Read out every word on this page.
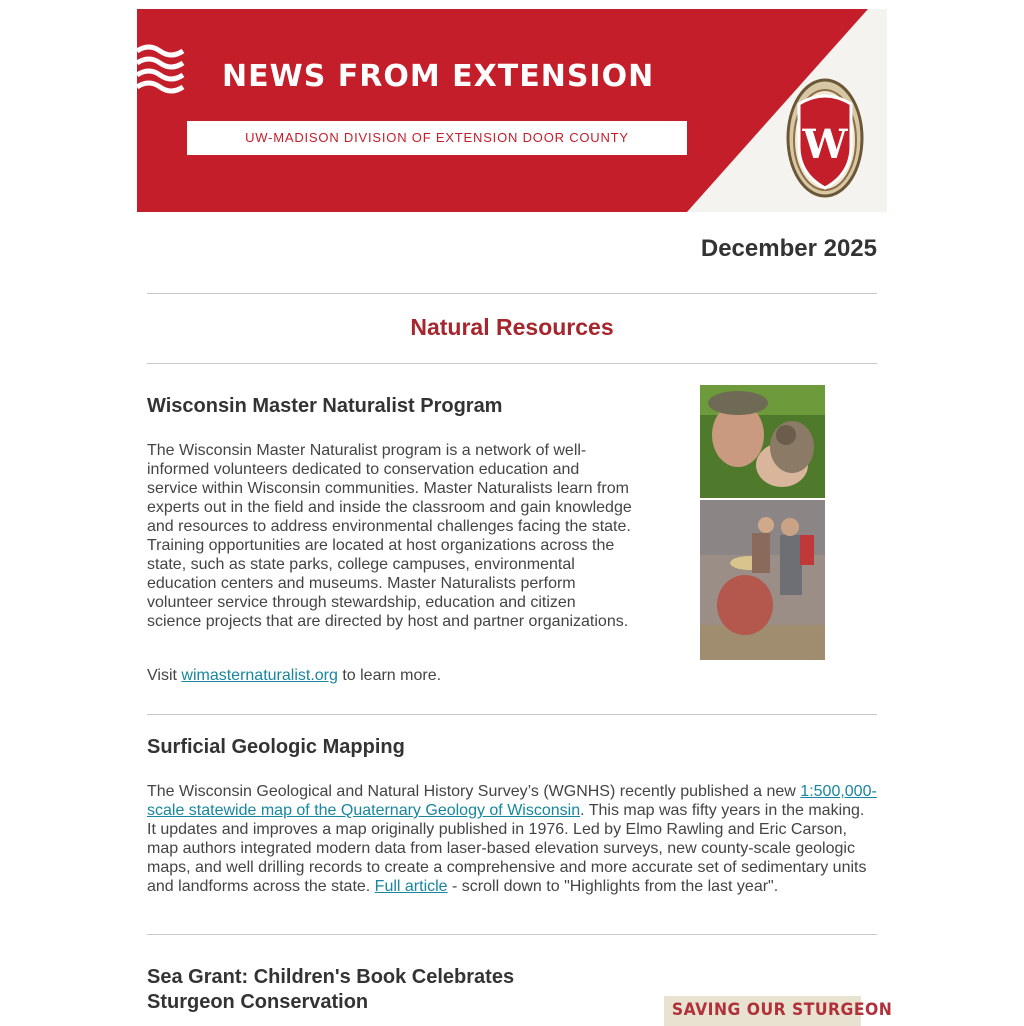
NEWS FROM EXTENSION
UW-MADISON DIVISION OF EXTENSION DOOR COUNTY	W
December 2025
Natural Resources
Wisconsin Master Naturalist Program

The Wisconsin Master Naturalist program is a network of well-informed volunteers dedicated to conservation education and service within Wisconsin communities. Master Naturalists learn from experts out in the field and inside the classroom and gain knowledge and resources to address environmental challenges facing the state. Training opportunities are located at host organizations across the state, such as state parks, college campuses, environmental education centers and museums. Master Naturalists perform volunteer service through stewardship, education and citizen science projects that are directed by host and partner organizations.

Visit wimasternaturalist.org to learn more.

Surficial Geologic Mapping

The Wisconsin Geological and Natural History Survey’s (WGNHS) recently published a new 1:500,000-scale statewide map of the Quaternary Geology of Wisconsin. This map was fifty years in the making. It updates and improves a map originally published in 1976. Led by Elmo Rawling and Eric Carson, map authors integrated modern data from laser-based elevation surveys, new county-scale geologic maps, and well drilling records to create a comprehensive and more accurate set of sedimentary units and landforms across the state. Full article - scroll down to "Highlights from the last year".

Sea Grant: Children's Book Celebrates
Sturgeon Conservation	SAVING OUR STURGEON
